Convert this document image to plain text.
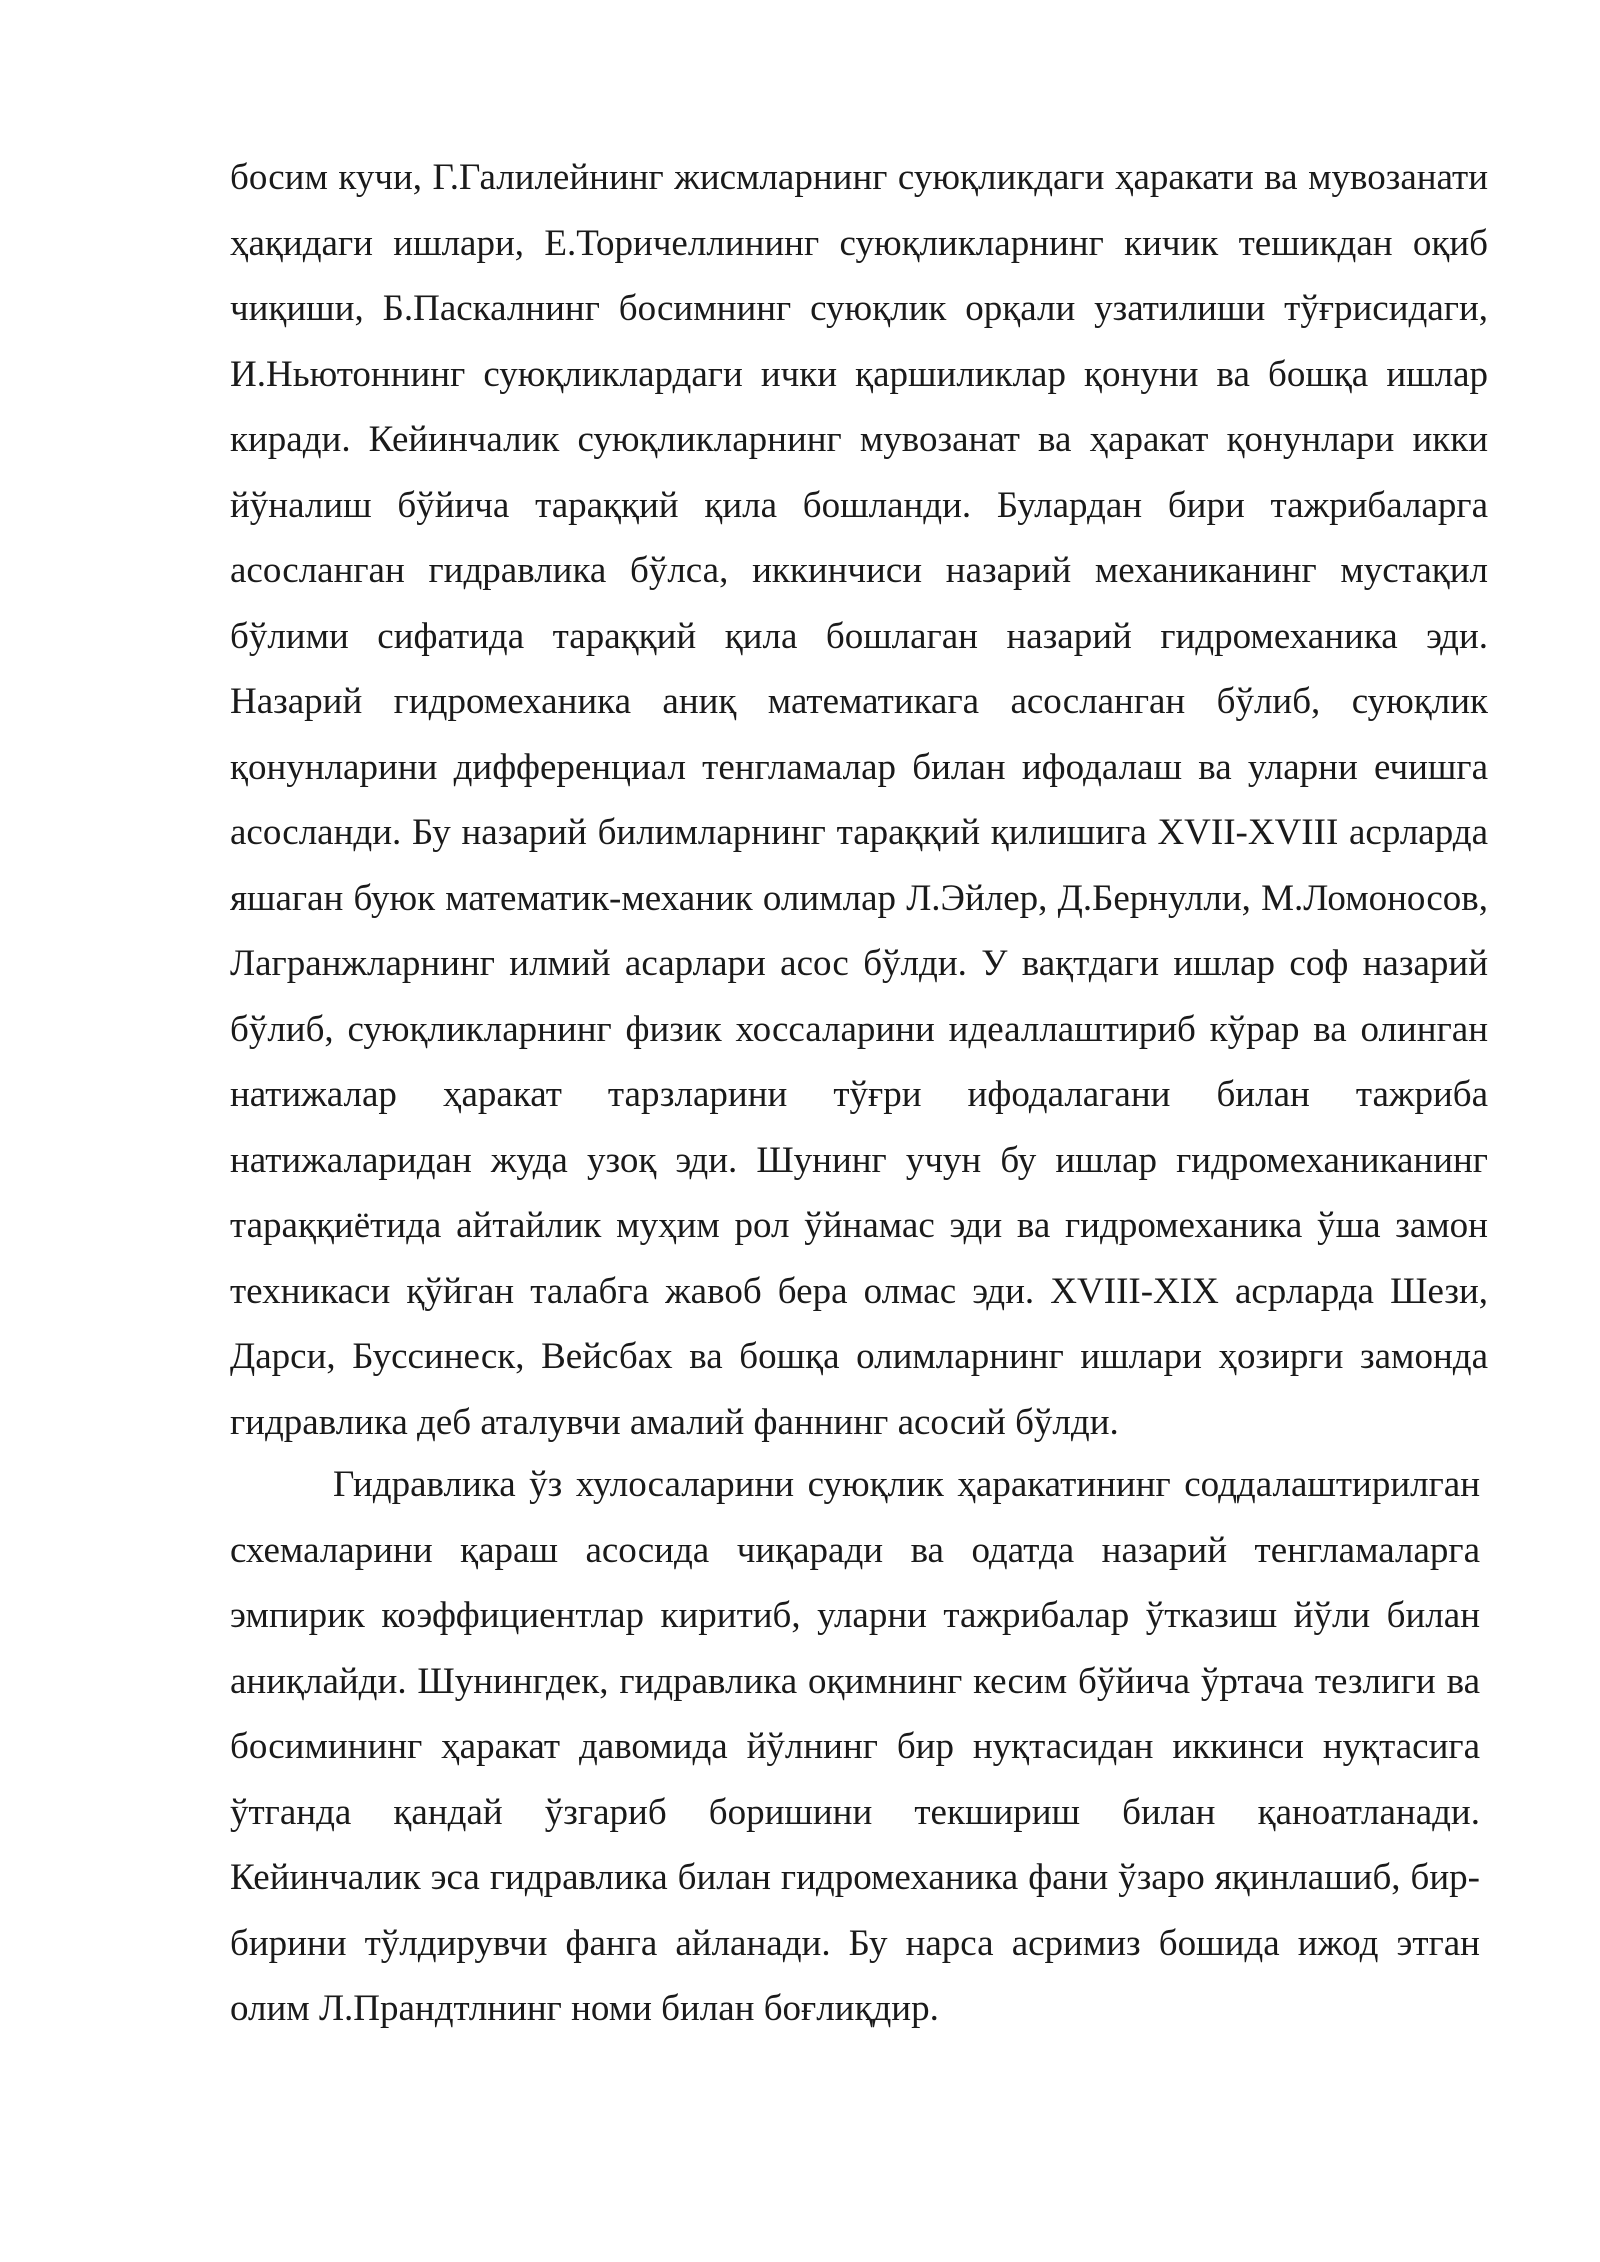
босим кучи, Г.Галилейнинг жисмларнинг суюқликдаги ҳаракати ва мувозанати ҳақидаги ишлари, Е.Торичеллининг суюқликларнинг кичик тешикдан оқиб чиқиши, Б.Паскалнинг босимнинг суюқлик орқали узатилиши тўғрисидаги, И.Ньютоннинг суюқликлардаги ички қаршиликлар қонуни ва бошқа ишлар киради. Кейинчалик суюқликларнинг мувозанат ва ҳаракат қонунлари икки йўналиш бўйича тараққий қила бошланди. Булардан бири тажрибаларга асосланган гидравлика бўлса, иккинчиси назарий механиканинг мустақил бўлими сифатида тараққий қила бошлаган назарий гидромеханика эди. Назарий гидромеханика аниқ математикага асосланган бўлиб, суюқлик қонунларини дифференциал тенгламалар билан ифодалаш ва уларни ечишга асосланди. Бу назарий билимларнинг тараққий қилишига XVII-XVIII асрларда яшаган буюк математик-механик олимлар Л.Эйлер, Д.Бернулли, М.Ломоносов, Лагранжларнинг илмий асарлари асос бўлди. У вақтдаги ишлар соф назарий бўлиб, суюқликларнинг физик хоссаларини идеаллаштириб кўрар ва олинган натижалар ҳаракат тарзларини тўғри ифодалагани билан тажриба натижаларидан жуда узоқ эди. Шунинг учун бу ишлар гидромеханиканинг тараққиётида айтайлик муҳим рол ўйнамас эди ва гидромеханика ўша замон техникаси қўйган талабга жавоб бера олмас эди. XVIII-XIX асрларда Шези, Дарси, Буссинеск, Вейсбах ва бошқа олимларнинг ишлари ҳозирги замонда гидравлика деб аталувчи амалий фаннинг асосий бўлди.

Гидравлика ўз хулосаларини суюқлик ҳаракатининг соддалаштирилган схемаларини қараш асосида чиқаради ва одатда назарий тенгламаларга эмпирик коэффициентлар киритиб, уларни тажрибалар ўтказиш йўли билан аниқлайди. Шунингдек, гидравлика оқимнинг кесим бўйича ўртача тезлиги ва босимининг ҳаракат давомида йўлнинг бир нуқтасидан иккинси нуқтасига ўтганда қандай ўзгариб боришини текшириш билан қаноатланади. Кейинчалик эса гидравлика билан гидромеханика фани ўзаро яқинлашиб, бир-бирини тўлдирувчи фанга айланади. Бу нарса асримиз бошида ижод этган олим Л.Прандтлнинг номи билан боғлиқдир.
